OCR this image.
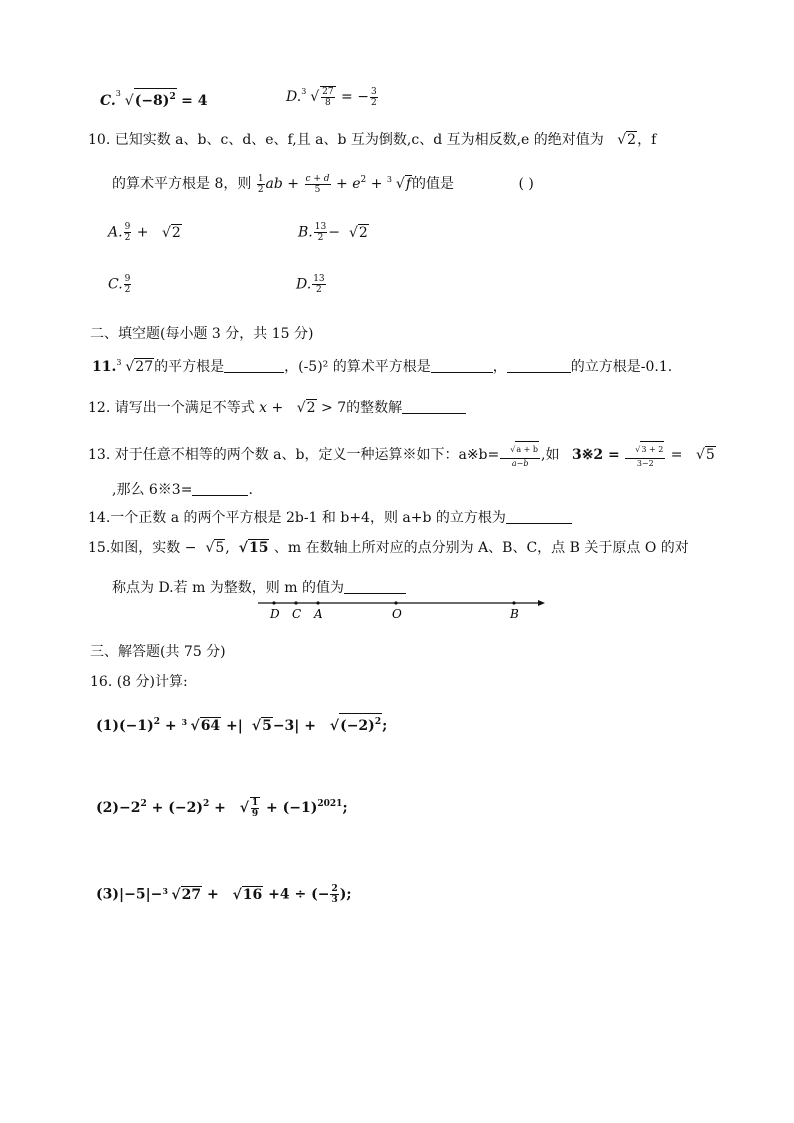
C. 3 $√(-8)^2 = 4$	D. 3 √ $\frac{27}{8}$ = − $\frac{3}{2}$
10. 已知实数 a、b、c、d、e、f,且 a、b 互为倒数,c、d 互为相反数,e 的绝对值为 √2，f
的算术平方根是 8，则 $\frac{1}{2}$ ab + $\frac{c + d}{5} + e^2 + 3$ √f的值是	( )
A. $\frac{9}{2} + √2$	B. $\frac{13}{2} - √2$
C. $\frac{9}{2}$	D. $\frac{13}{2}$
二、填空题(每小题 3 分，共 15 分)
11. 3 √27的平方根是	，(-5)² 的算术平方根是	，	的立方根是-0.1.
12. 请写出一个满足不等式 x + √2 > 7的整数解
13. 对于任意不相等的两个数 a、b，定义一种运算※如下：a※b= $\frac{√a + b}{a-b}$ ,如 3※2 = $\frac{√3 + 2}{3-2} = √5$
,那么 6※3=	.
14.一个正数 a 的两个平方根是 2b-1 和 b+4，则 a+b 的立方根为
15.如图，实数 − √5, √15 、m 在数轴上所对应的点分别为 A、B、C，点 B 关于原点 O 的对
称点为 D.若 m 为整数，则 m 的值为
D C A	O	B
三、解答题(共 75 分)
16. (8 分)计算:
$(1)(-1)^2 + 3$ √64 +| $√5-3| + √(-2)^2$;
$(2)-2^2 + (-2)^2$ + √ $\frac{1}{9} + (-1)^{2021}$;
(3)|−5|− 3 √27 + √16 +4 ÷ (− $\frac{2}{3}$ );
